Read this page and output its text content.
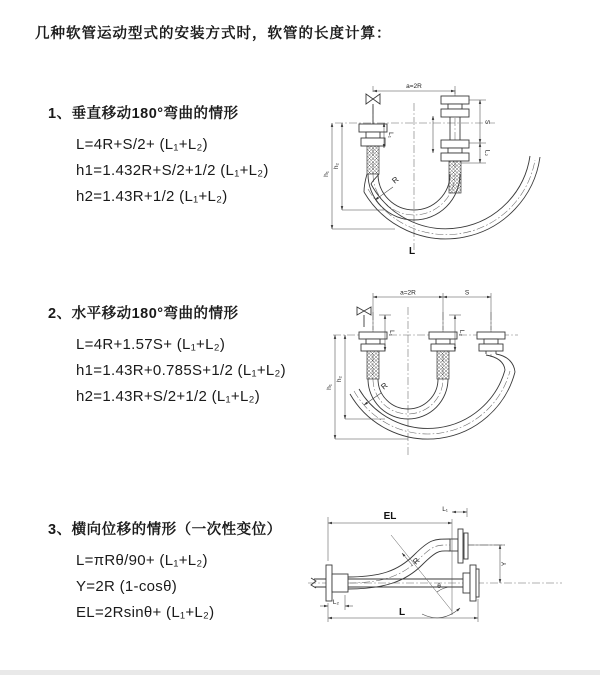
几种软管运动型式的安装方式时，软管的长度计算：
1、垂直移动180°弯曲的情形
L=4R+S/2+ (L₁+L₂)
h1=1.432R+S/2+1/2 (L₁+L₂)
h2=1.43R+1/2 (L₁+L₂)
2、水平移动180°弯曲的情形
L=4R+1.57S+ (L₁+L₂)
h1=1.43R+0.785S+1/2 (L₁+L₂)
h2=1.43R+S/2+1/2 (L₁+L₂)
3、横向位移的情形（一次性变位）
L=πRθ/90+ (L₁+L₂)
Y=2R (1-cosθ)
EL=2Rsinθ+ (L₁+L₂)
a=2R
S
L₂
h₁
h₂
L₁
R
L
a=2R	S
h₁
h₂
L₁	L₂
R
θ
EL
L₁
Y
L
L₂
R
